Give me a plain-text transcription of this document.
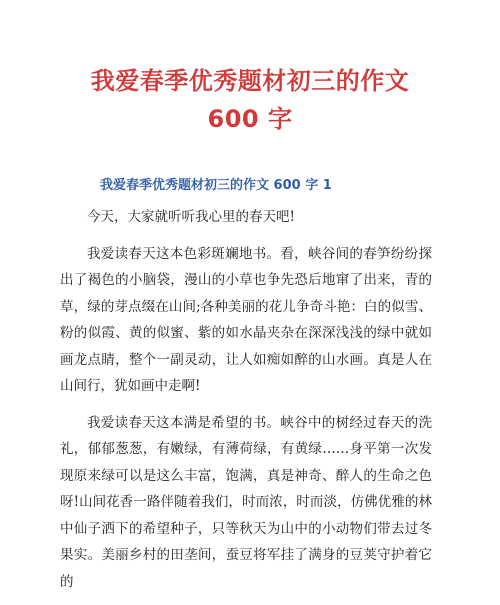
我爱春季优秀题材初三的作文 600 字
我爱春季优秀题材初三的作文 600 字 1

今天，大家就听听我心里的春天吧!

我爱读春天这本色彩斑斓地书。看，峡谷间的春笋纷纷探出了褐色的小脑袋，漫山的小草也争先恐后地窜了出来，青的草，绿的芽点缀在山间;各种美丽的花儿争奇斗艳：白的似雪、粉的似霞、黄的似蜜、紫的如水晶夹杂在深深浅浅的绿中就如画龙点睛，整个一副灵动，让人如痴如醉的山水画。真是人在山间行，犹如画中走啊!

我爱读春天这本满是希望的书。峡谷中的树经过春天的洗礼，郁郁葱葱，有嫩绿，有薄荷绿，有黄绿……身平第一次发现原来绿可以是这么丰富，饱满，真是神奇、醉人的生命之色呀!山间花香一路伴随着我们，时而浓，时而淡，仿佛优雅的林中仙子洒下的希望种子，只等秋天为山中的小动物们带去过冬果实。美丽乡村的田垄间，蚕豆将军挂了满身的豆荚守护着它的
